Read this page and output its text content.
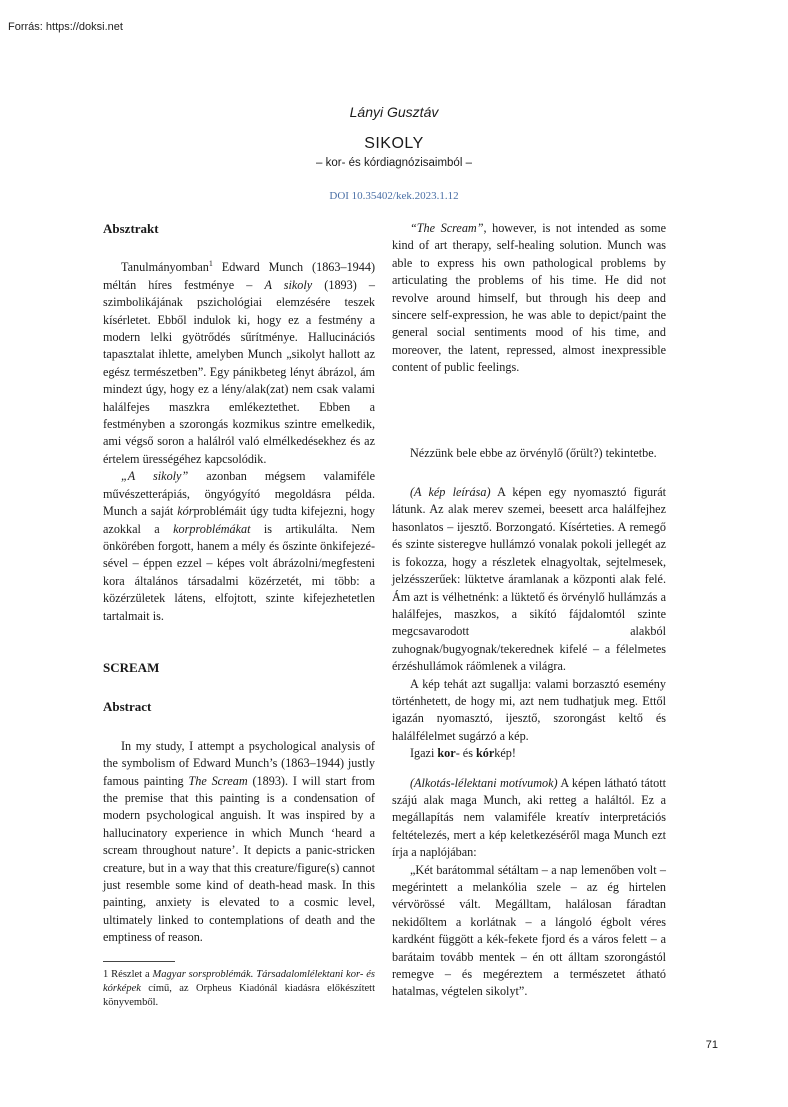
Forrás: https://doksi.net
Lányi Gusztáv
SIKOLY
– kor- és kórdiagnózisaimból –
DOI 10.35402/kek.2023.1.12
Absztrakt

Tanulmányomban$^1$ Edward Munch (1863–1944) méltán híres festménye – A sikoly (1893) – szimbolikájának pszichológiai elemzésére teszek kísérletet. Ebből indulok ki, hogy ez a festmény a modern lelki gyötrődés sűrítménye. Hallucinációs tapasztalat ihlette, amelyben Munch „sikolyt hallott az egész természetben”. Egy pánikbeteg lényt ábrázol, ám mindezt úgy, hogy ez a lény/alak(zat) nem csak valami halálfejes maszkra emlékeztethet. Ebben a festményben a szorongás kozmikus szintre emelkedik, ami végső soron a halálról való elmélkedésekhez és az értelem ürességéhez kapcsolódik.

„A sikoly” azonban mégsem valamiféle művészetterápiás, öngyógyító megoldásra példa. Munch a saját kórproblémáit úgy tudta kifejezni, hogy azokkal a korproblémákat is artikulálta. Nem önkörében forgott, hanem a mély és őszinte önkifejezésével – éppen ezzel – képes volt ábrázolni/megfesteni kora általános társadalmi közérzetét, mi több: a közérzületek látens, elfojtott, szinte kifejezhetetlen tartalmait is.

SCREAM
Abstract

In my study, I attempt a psychological analysis of the symbolism of Edward Munch’s (1863–1944) justly famous painting The Scream (1893). I will start from the premise that this painting is a condensation of modern psychological anguish. It was inspired by a hallucinatory experience in which Munch ‘heard a scream throughout nature’. It depicts a panic-stricken creature, but in a way that this creature/figure(s) cannot just resemble some kind of death-head mask. In this painting, anxiety is elevated to a cosmic level, ultimately linked to contemplations of death and the emptiness of reason.

1 Részlet a Magyar sorsproblémák. Társadalomlélektani kor- és kórképek című, az Orpheus Kiadónál kiadásra előkészített könyvemből.

“The Scream”, however, is not intended as some kind of art therapy, self-healing solution. Munch was able to express his own pathological problems by articulating the problems of his time. He did not revolve around himself, but through his deep and sincere self-expression, he was able to depict/paint the general social sentiments mood of his time, and moreover, the latent, repressed, almost inexpressible content of public feelings.

Nézzünk bele ebbe az örvénylő (őrült?) tekintetbe.

(A kép leírása) A képen egy nyomasztó figurát látunk. Az alak merev szemei, beesett arca halálfejhez hasonlatos – ijesztő. Borzongató. Kísérteties. A remegő és szinte sisteregve hullámzó vonalak pokoli jellegét az is fokozza, hogy a részletek elnagyoltak, sejtelmesek, jelzésszerűek: lüktetve áramlanak a központi alak felé. Ám azt is vélhetnénk: a lüktető és örvénylő hullámzás a halálfejes, maszkos, a sikító fájdalomtól szinte megcsavarodott alakból zuhognak/bugyognak/tekerednek kifelé – a félelmetes érzéshullámok ráömlenek a világra.

A kép tehát azt sugallja: valami borzasztó esemény történhetett, de hogy mi, azt nem tudhatjuk meg. Ettől igazán nyomasztó, ijesztő, szorongást keltő és halálfélelmet sugárzó a kép.

Igazi kor- és kórkép!

(Alkotás-lélektani motívumok) A képen látható tátott szájú alak maga Munch, aki retteg a haláltól. Ez a megállapítás nem valamiféle kreatív interpretációs feltételezés, mert a kép keletkezéséről maga Munch ezt írja a naplójában:

„Két barátommal sétáltam – a nap lemenőben volt – megérintett a melankólia szele – az ég hirtelen vérvörössé vált. Megálltam, halálosan fáradtan nekidőltem a korlátnak – a lángoló égbolt véres kardként függött a kék-fekete fjord és a város felett – a barátaim tovább mentek – én ott álltam szorongástól remegve – és megéreztem a természetet átható hatalmas, végtelen sikolyt”.

71
